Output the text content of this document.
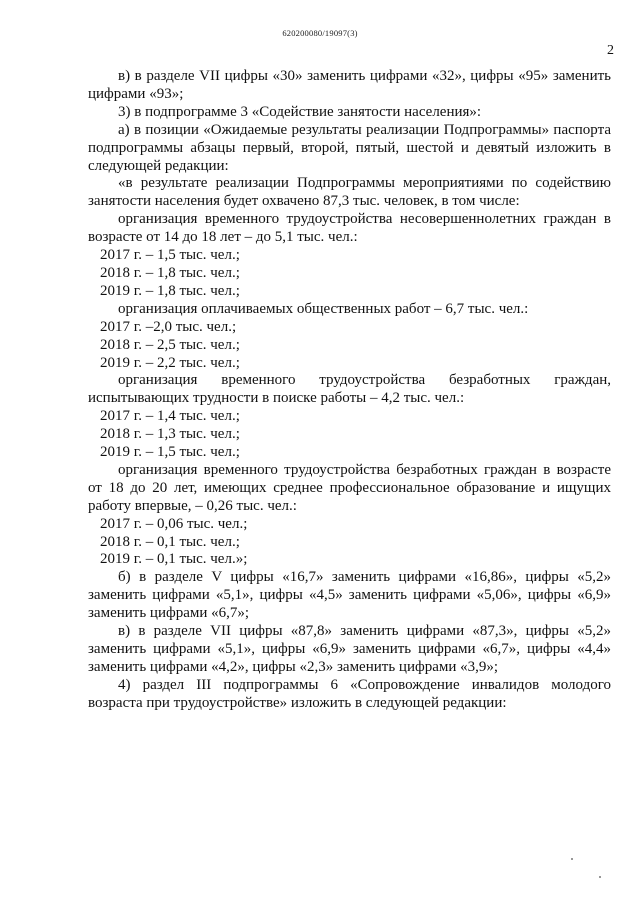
620200080/19097(3)
2

в) в разделе VII цифры «30» заменить цифрами «32», цифры «95» заменить цифрами «93»;

3) в подпрограмме 3 «Содействие занятости населения»:

а) в позиции «Ожидаемые результаты реализации Подпрограммы» паспорта подпрограммы абзацы первый, второй, пятый, шестой и девятый изложить в следующей редакции:

«в результате реализации Подпрограммы мероприятиями по содействию занятости населения будет охвачено 87,3 тыс. человек, в том числе:

организация временного трудоустройства несовершеннолетних граждан в возрасте от 14 до 18 лет – до 5,1 тыс. чел.:

2017 г. – 1,5 тыс. чел.;

2018 г. – 1,8 тыс. чел.;

2019 г. – 1,8 тыс. чел.;

организация оплачиваемых общественных работ – 6,7 тыс. чел.:

2017 г. –2,0 тыс. чел.;

2018 г. – 2,5 тыс. чел.;

2019 г. – 2,2 тыс. чел.;

организация временного трудоустройства безработных граждан, испытывающих трудности в поиске работы – 4,2 тыс. чел.:

2017 г. – 1,4 тыс. чел.;

2018 г. – 1,3 тыс. чел.;

2019 г. – 1,5 тыс. чел.;

организация временного трудоустройства безработных граждан в возрасте от 18 до 20 лет, имеющих среднее профессиональное образование и ищущих работу впервые, – 0,26 тыс. чел.:

2017 г. – 0,06 тыс. чел.;

2018 г. – 0,1 тыс. чел.;

2019 г. – 0,1 тыс. чел.»;

б) в разделе V цифры «16,7» заменить цифрами «16,86», цифры «5,2» заменить цифрами «5,1», цифры «4,5» заменить цифрами «5,06», цифры «6,9» заменить цифрами «6,7»;

в) в разделе VII цифры «87,8» заменить цифрами «87,3», цифры «5,2» заменить цифрами «5,1», цифры «6,9» заменить цифрами «6,7», цифры «4,4» заменить цифрами «4,2», цифры «2,3» заменить цифрами «3,9»;

4) раздел III подпрограммы 6 «Сопровождение инвалидов молодого возраста при трудоустройстве» изложить в следующей редакции:
